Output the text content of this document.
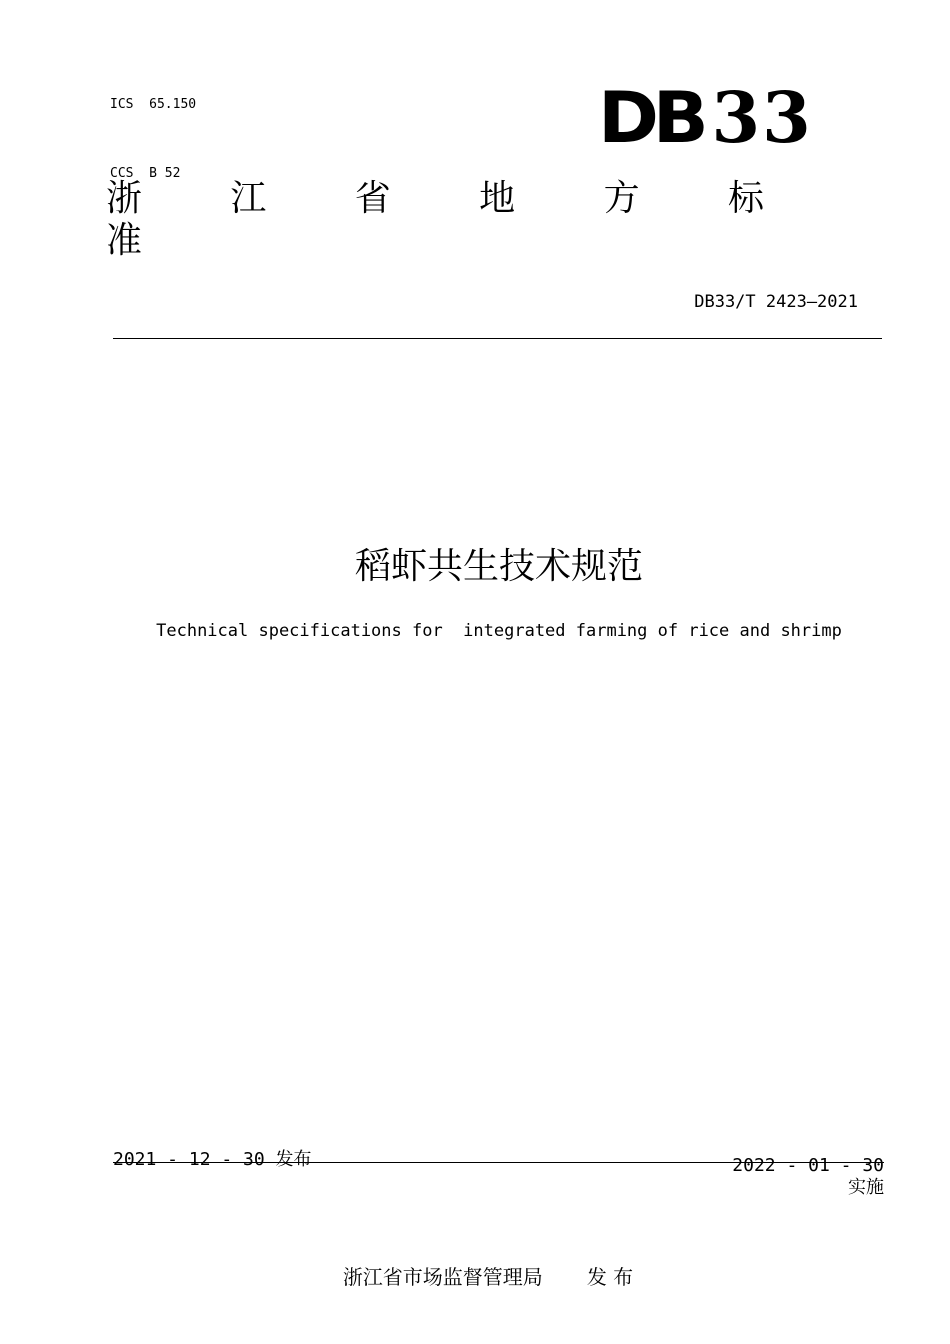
ICS  65.150

CCS  B 52

DB 33
浙 江 省 地 方 标
准
DB33/T 2423—2021
稻虾共生技术规范
Technical specifications for  integrated farming of rice and shrimp
2021 - 12 - 30 发布	2022 - 01 - 30
实施
浙江省市场监督管理局 发 布
